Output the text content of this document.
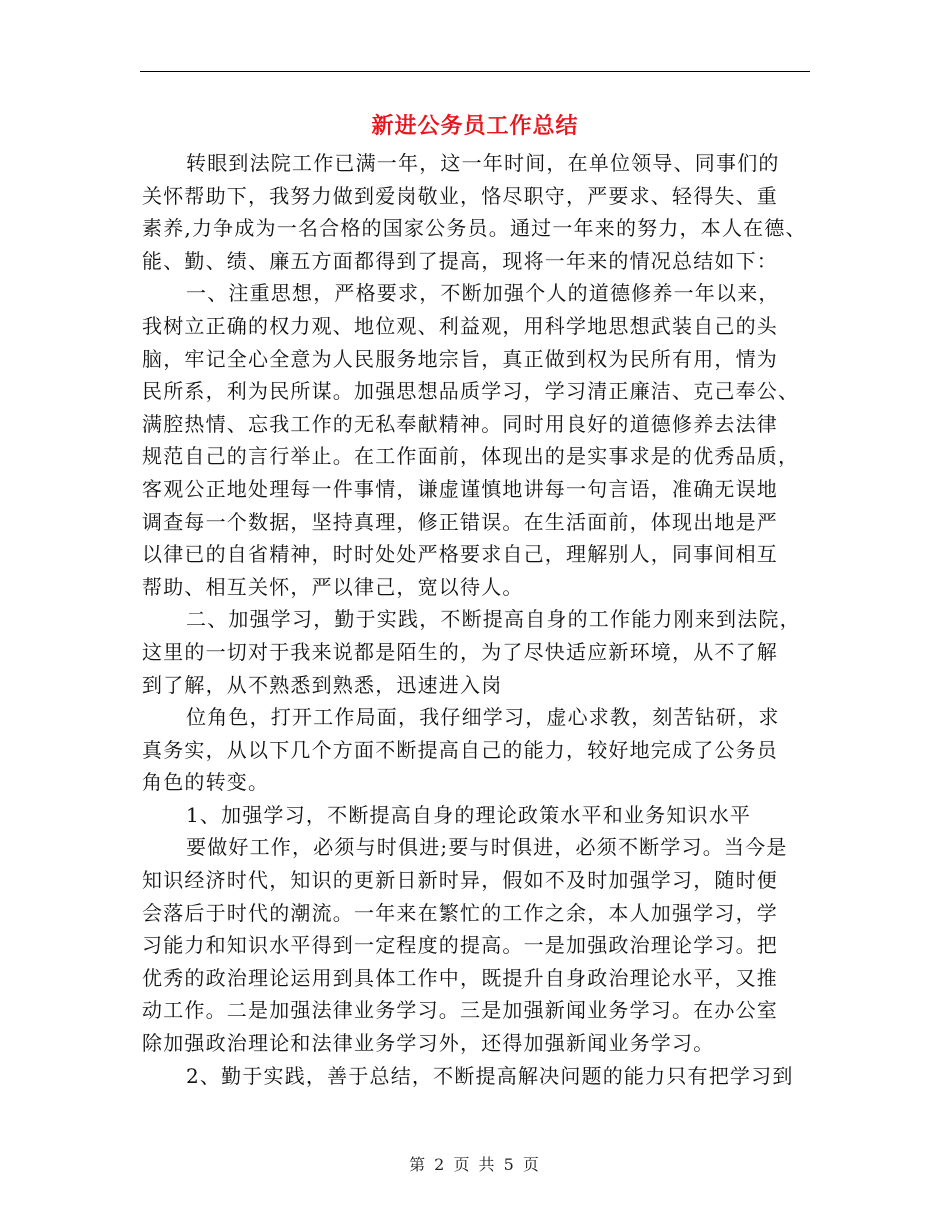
新进公务员工作总结

转眼到法院工作已满一年，这一年时间，在单位领导、同事们的

关怀帮助下，我努力做到爱岗敬业，恪尽职守，严要求、轻得失、重

素养,力争成为一名合格的国家公务员。通过一年来的努力，本人在德、

能、勤、绩、廉五方面都得到了提高，现将一年来的情况总结如下：

一、注重思想，严格要求，不断加强个人的道德修养一年以来，

我树立正确的权力观、地位观、利益观，用科学地思想武装自己的头

脑，牢记全心全意为人民服务地宗旨，真正做到权为民所有用，情为

民所系，利为民所谋。加强思想品质学习，学习清正廉洁、克己奉公、

满腔热情、忘我工作的无私奉献精神。同时用良好的道德修养去法律

规范自己的言行举止。在工作面前，体现出的是实事求是的优秀品质，

客观公正地处理每一件事情，谦虚谨慎地讲每一句言语，准确无误地

调查每一个数据，坚持真理，修正错误。在生活面前，体现出地是严

以律已的自省精神，时时处处严格要求自己，理解别人，同事间相互

帮助、相互关怀，严以律己，宽以待人。

二、加强学习，勤于实践，不断提高自身的工作能力刚来到法院，

这里的一切对于我来说都是陌生的，为了尽快适应新环境，从不了解

到了解，从不熟悉到熟悉，迅速进入岗

位角色，打开工作局面，我仔细学习，虚心求教，刻苦钻研，求

真务实，从以下几个方面不断提高自己的能力，较好地完成了公务员

角色的转变。

1、加强学习，不断提高自身的理论政策水平和业务知识水平

要做好工作，必须与时俱进;要与时俱进，必须不断学习。当今是

知识经济时代，知识的更新日新时异，假如不及时加强学习，随时便

会落后于时代的潮流。一年来在繁忙的工作之余，本人加强学习，学

习能力和知识水平得到一定程度的提高。一是加强政治理论学习。把

优秀的政治理论运用到具体工作中，既提升自身政治理论水平，又推

动工作。二是加强法律业务学习。三是加强新闻业务学习。在办公室

除加强政治理论和法律业务学习外，还得加强新闻业务学习。

2、勤于实践，善于总结，不断提高解决问题的能力只有把学习到

第 2 页 共 5 页
